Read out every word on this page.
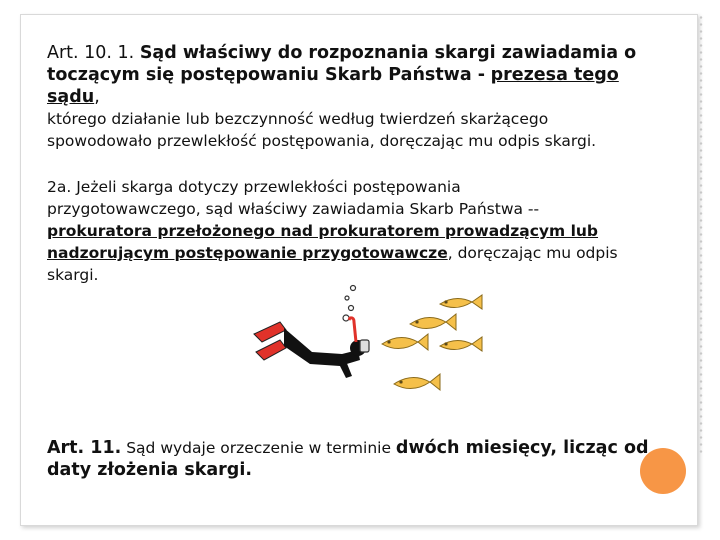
Art. 10. 1. Sąd właściwy do rozpoznania skargi zawiadamia o
toczącym się postępowaniu Skarb Państwa - prezesa tego sądu,
którego działanie lub bezczynność według twierdzeń skarżącego
spowodowało przewlekłość postępowania, doręczając mu odpis skargi.
2a. Jeżeli skarga dotyczy przewlekłości postępowania
przygotowawczego, sąd właściwy zawiadamia Skarb Państwa --
prokuratora przełożonego nad prokuratorem prowadzącym lub
nadzorującym postępowanie przygotowawcze, doręczając mu odpis
skargi.
Art. 11. Sąd wydaje orzeczenie w terminie dwóch miesięcy, licząc od
daty złożenia skargi.
